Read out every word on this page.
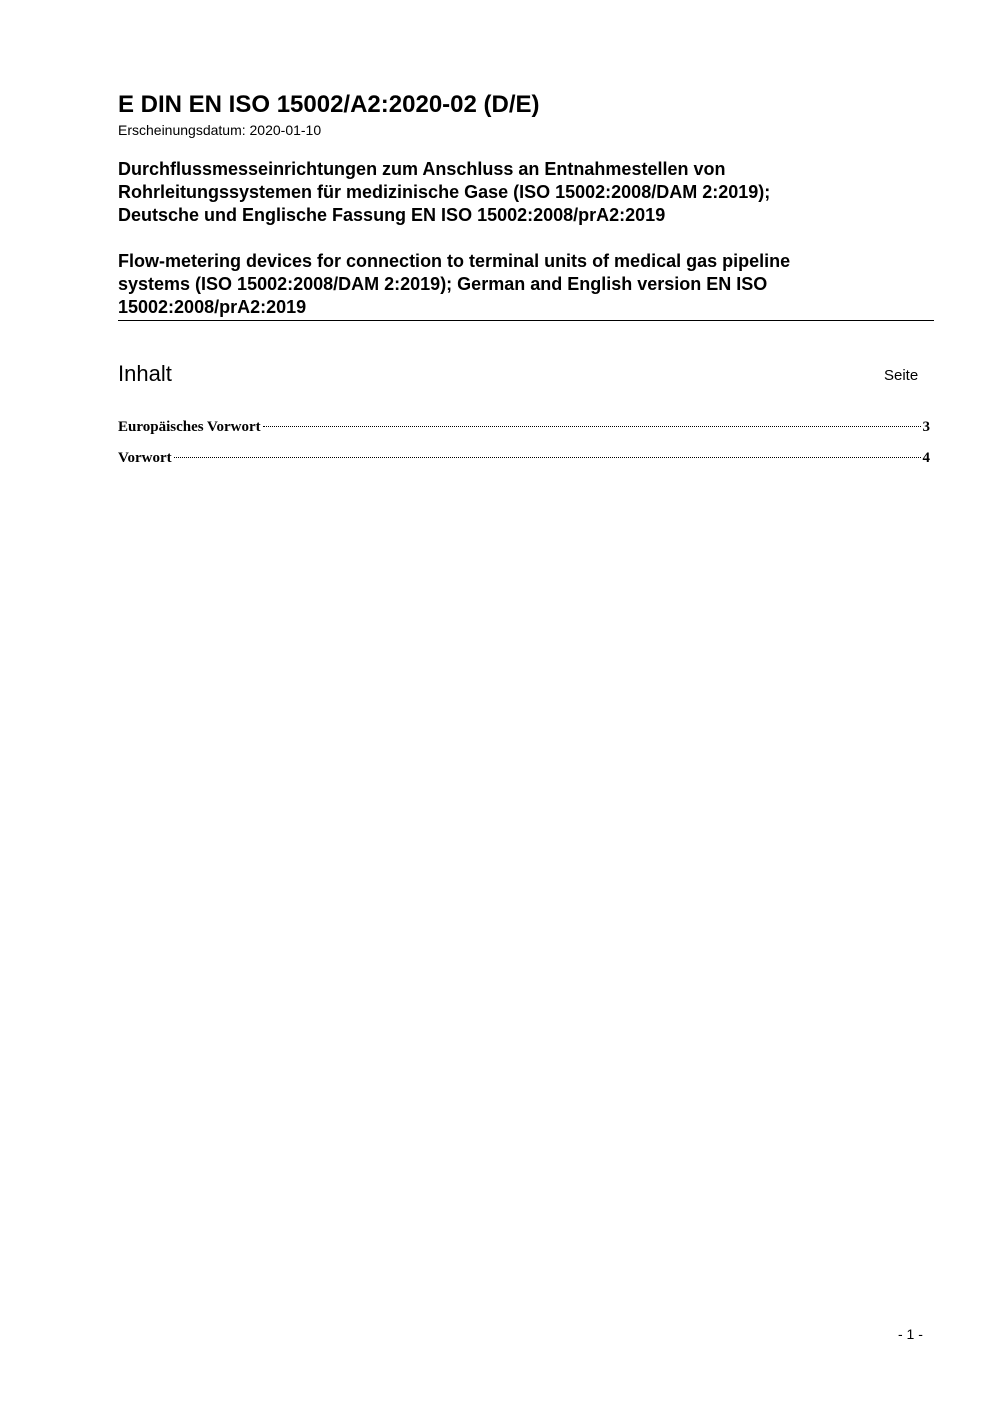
E DIN EN ISO 15002/A2:2020-02 (D/E)
Erscheinungsdatum: 2020-01-10
Durchflussmesseinrichtungen zum Anschluss an Entnahmestellen von
Rohrleitungssystemen für medizinische Gase (ISO 15002:2008/DAM 2:2019);
Deutsche und Englische Fassung EN ISO 15002:2008/prA2:2019
Flow-metering devices for connection to terminal units of medical gas pipeline
systems (ISO 15002:2008/DAM 2:2019); German and English version EN ISO
15002:2008/prA2:2019
Inhalt	Seite
Europäisches Vorwort	3
Vorwort	4
- 1 -
